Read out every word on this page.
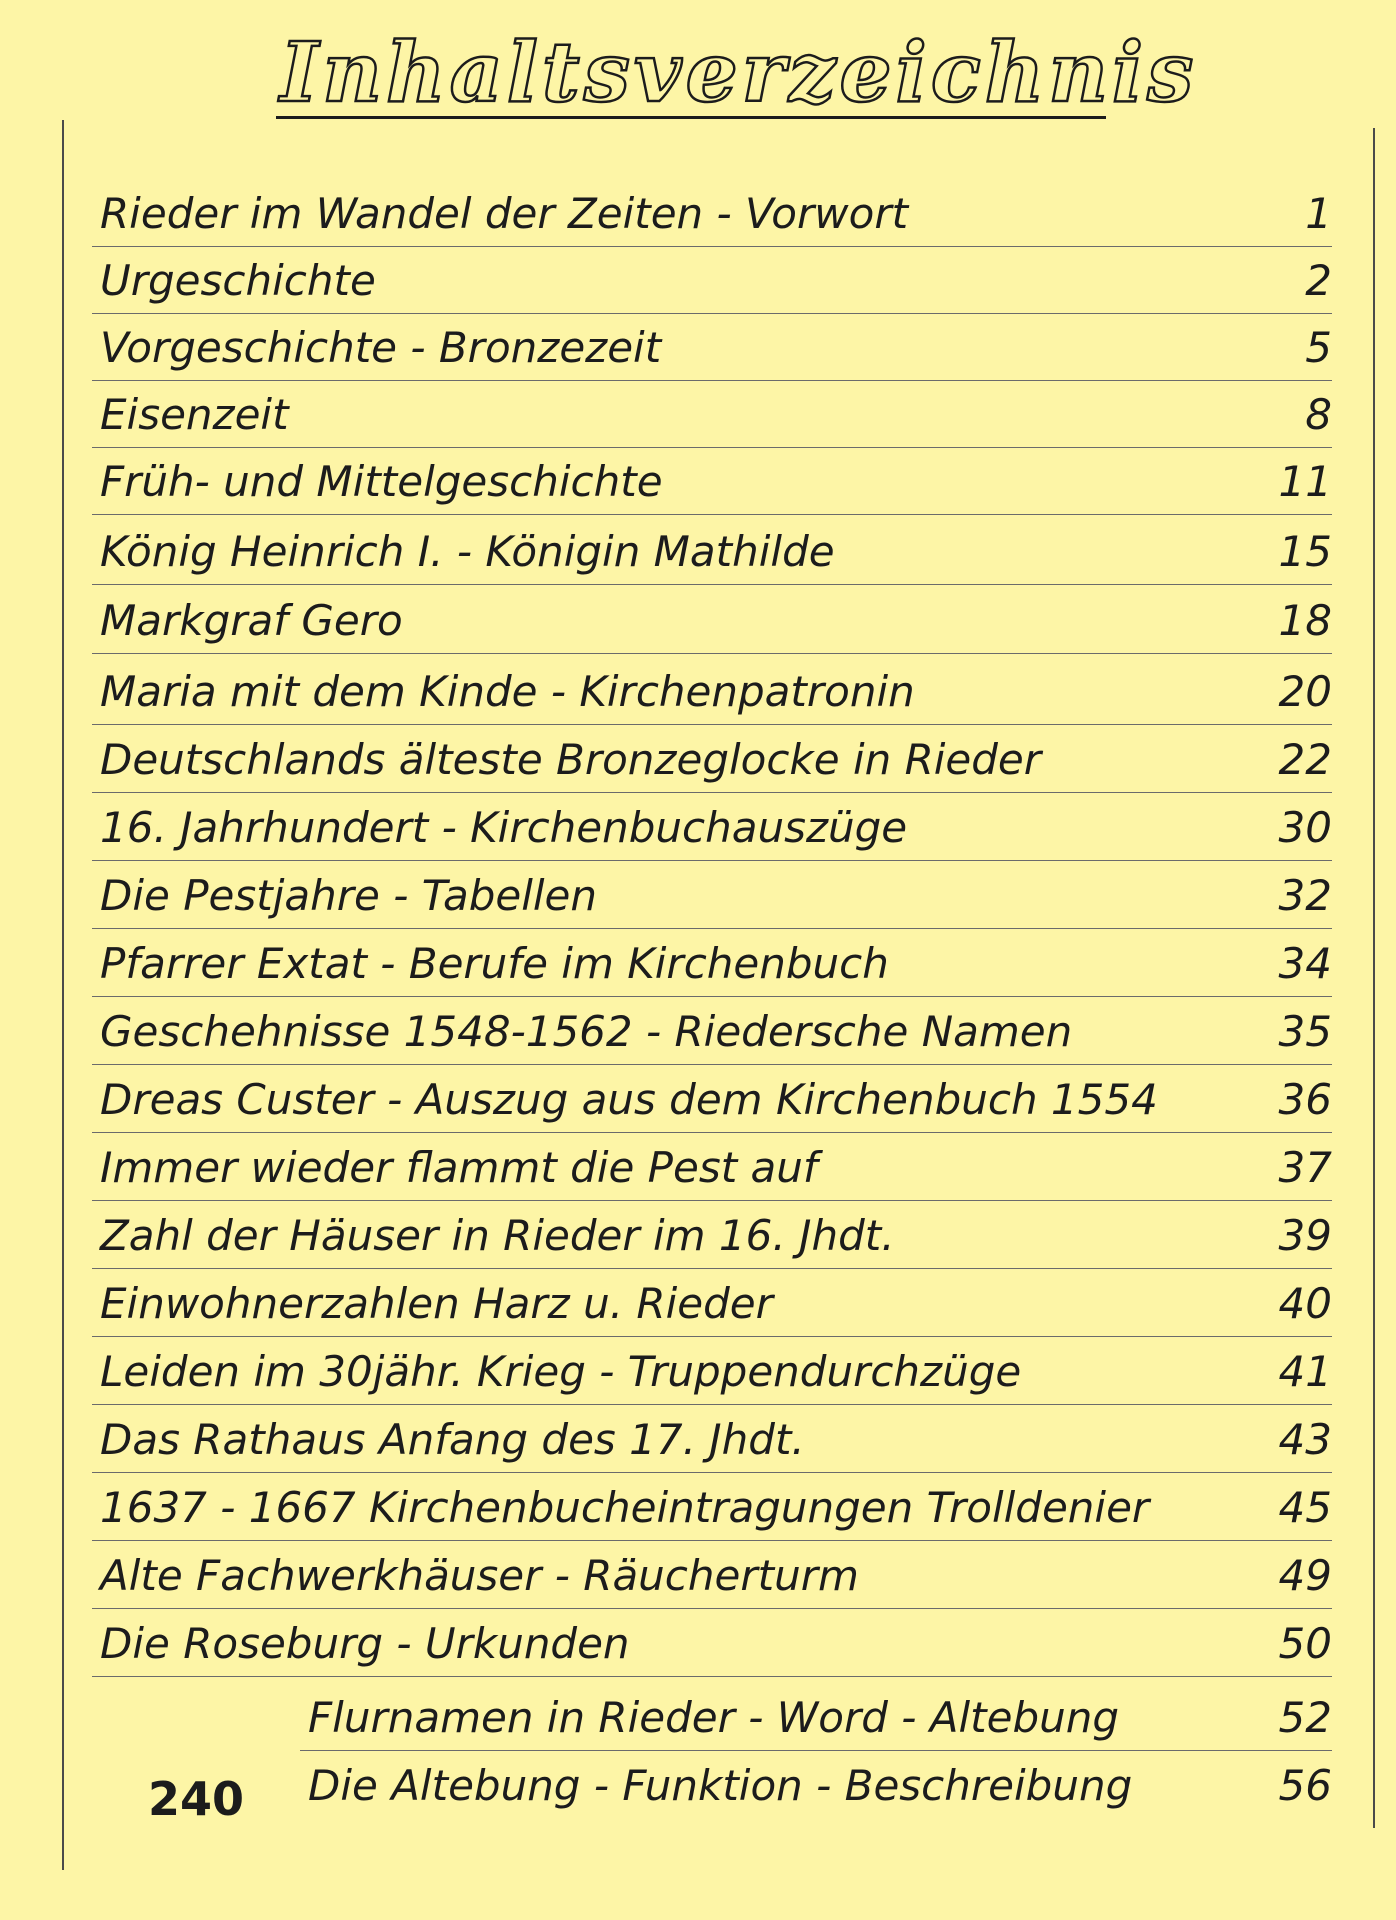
Inhaltsverzeichnis
Rieder im Wandel der Zeiten - Vorwort	1
Urgeschichte	2
Vorgeschichte - Bronzezeit	5
Eisenzeit	8
Früh- und Mittelgeschichte	11
König Heinrich I. - Königin Mathilde	15
Markgraf Gero	18
Maria mit dem Kinde - Kirchenpatronin	20
Deutschlands älteste Bronzeglocke in Rieder	22
16. Jahrhundert - Kirchenbuchauszüge	30
Die Pestjahre - Tabellen	32
Pfarrer Extat - Berufe im Kirchenbuch	34
Geschehnisse 1548-1562 - Riedersche Namen	35
Dreas Custer - Auszug aus dem Kirchenbuch 1554	36
Immer wieder flammt die Pest auf	37
Zahl der Häuser in Rieder im 16. Jhdt.	39
Einwohnerzahlen Harz u. Rieder	40
Leiden im 30jähr. Krieg - Truppendurchzüge	41
Das Rathaus Anfang des 17. Jhdt.	43
1637 - 1667 Kirchenbucheintragungen Trolldenier	45
Alte Fachwerkhäuser - Räucherturm	49
Die Roseburg - Urkunden	50
Flurnamen in Rieder - Word - Altebung	52
Die Altebung - Funktion - Beschreibung	56
240
